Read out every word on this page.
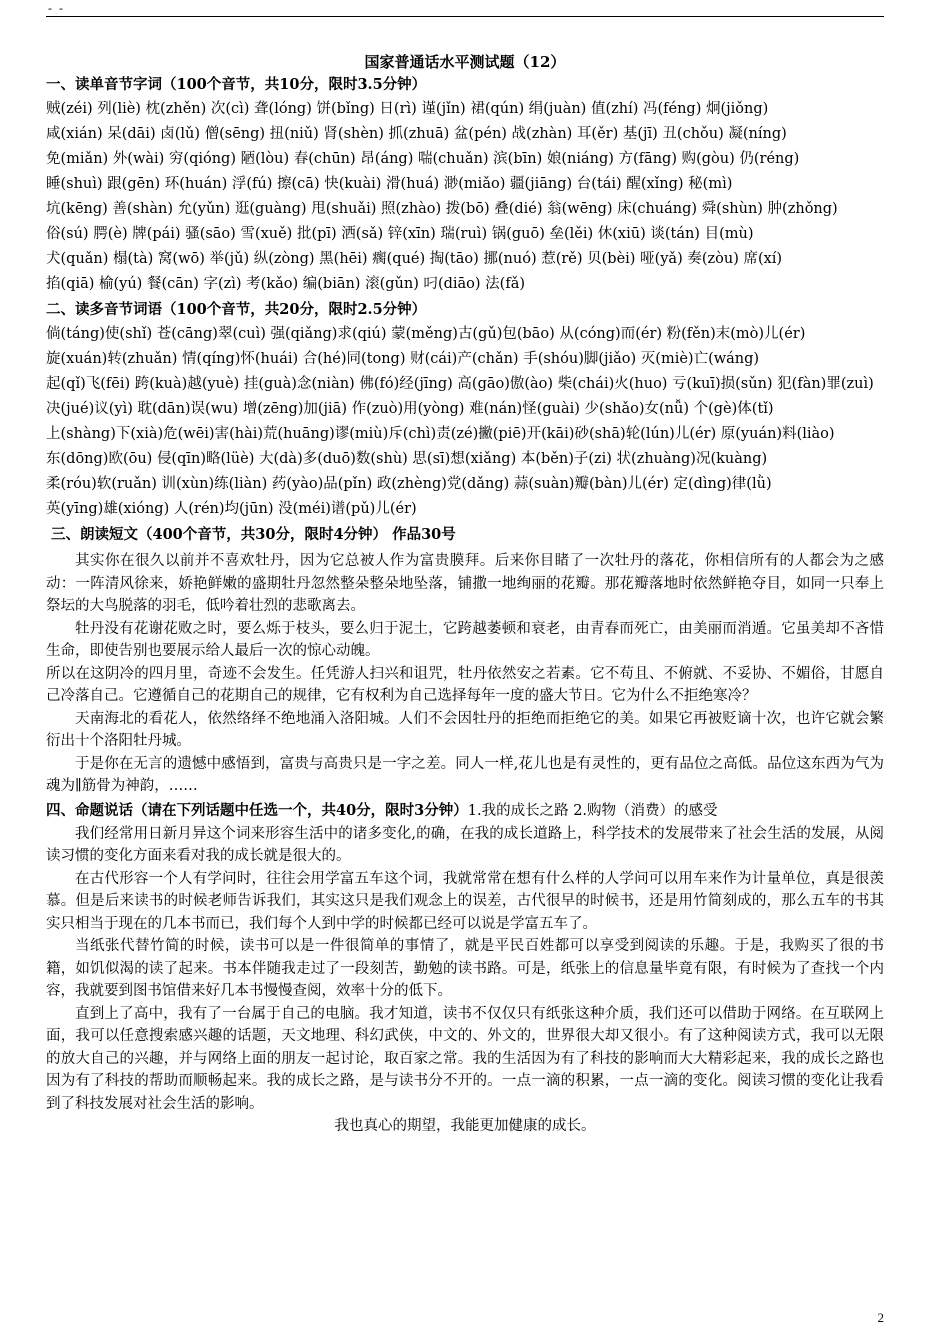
- -
国家普通话水平测试题（12）
一、读单音节字词（100个音节，共10分，限时3.5分钟）
贼(zéi) 列(liè) 枕(zhěn) 次(cì) 聋(lóng) 饼(bǐng) 日(rì) 谨(jǐn) 裙(qún) 绢(juàn) 值(zhí) 冯(féng) 炯(jiǒng)
咸(xián) 呆(dāi) 卤(lǔ) 僧(sēng) 扭(niǔ) 肾(shèn) 抓(zhuā) 盆(pén) 战(zhàn) 耳(ěr) 基(jī) 丑(chǒu) 凝(níng)
免(miǎn) 外(wài) 穷(qióng) 陋(lòu) 春(chūn) 昂(áng) 喘(chuǎn) 滨(bīn) 娘(niáng) 方(fāng) 购(gòu) 仍(réng)
睡(shuì) 跟(gēn) 环(huán) 浮(fú) 擦(cā) 快(kuài) 滑(huá) 渺(miǎo) 疆(jiāng) 台(tái) 醒(xǐng) 秘(mì)
坑(kēng) 善(shàn) 允(yǔn) 逛(guàng) 甩(shuǎi) 照(zhào) 拨(bō) 叠(dié) 翁(wēng) 床(chuáng) 舜(shùn) 肿(zhǒng)
俗(sú) 腭(è) 牌(pái) 骚(sāo) 雪(xuě) 批(pī) 洒(sǎ) 锌(xīn) 瑞(ruì) 锅(guō) 垒(lěi) 休(xiū) 谈(tán) 目(mù)
犬(quǎn) 榻(tà) 窝(wō) 举(jǔ) 纵(zòng) 黑(hēi) 瘸(qué) 掏(tāo) 挪(nuó) 惹(rě) 贝(bèi) 哑(yǎ) 奏(zòu) 席(xí)
掐(qiā) 榆(yú) 餐(cān) 字(zì) 考(kǎo) 编(biān) 滚(gǔn) 叼(diāo) 法(fǎ)
二、读多音节词语（100个音节，共20分，限时2.5分钟）
倘(táng)使(shǐ) 苍(cāng)翠(cuì) 强(qiǎng)求(qiú) 蒙(měng)古(gǔ)包(bāo) 从(cóng)而(ér) 粉(fěn)末(mò)儿(ér)
旋(xuán)转(zhuǎn) 情(qíng)怀(huái) 合(hé)同(tong) 财(cái)产(chǎn) 手(shóu)脚(jiǎo) 灭(miè)亡(wáng)
起(qǐ)飞(fēi) 跨(kuà)越(yuè) 挂(guà)念(niàn) 佛(fó)经(jīng) 高(gāo)傲(ào) 柴(chái)火(huo) 亏(kuī)损(sǔn) 犯(fàn)罪(zuì)
决(jué)议(yì) 耽(dān)误(wu) 增(zēng)加(jiā) 作(zuò)用(yòng) 难(nán)怪(guài) 少(shǎo)女(nǚ) 个(gè)体(tǐ)
上(shàng)下(xià)危(wēi)害(hài)荒(huāng)谬(miù)斥(chì)责(zé)撇(piē)开(kāi)砂(shā)轮(lún)儿(ér) 原(yuán)料(liào)
东(dōng)欧(ōu) 侵(qīn)略(lüè) 大(dà)多(duō)数(shù) 思(sī)想(xiǎng) 本(běn)子(zi) 状(zhuàng)况(kuàng)
柔(róu)软(ruǎn) 训(xùn)练(liàn) 药(yào)品(pǐn) 政(zhèng)党(dǎng) 蒜(suàn)瓣(bàn)儿(ér) 定(dìng)律(lǜ)
英(yīng)雄(xióng) 人(rén)均(jūn) 没(méi)谱(pǔ)儿(ér)
三、朗读短文（400个音节，共30分，限时4分钟） 作品30号

其实你在很久以前并不喜欢牡丹，因为它总被人作为富贵膜拜。后来你目睹了一次牡丹的落花，你相信所有的人都会为之感动：一阵清风徐来，娇艳鲜嫩的盛期牡丹忽然整朵整朵地坠落，铺撒一地绚丽的花瓣。那花瓣落地时依然鲜艳夺目，如同一只奉上祭坛的大鸟脱落的羽毛，低吟着壮烈的悲歌离去。

牡丹没有花谢花败之时，要么烁于枝头，要么归于泥土，它跨越萎顿和衰老，由青春而死亡，由美丽而消遁。它虽美却不吝惜生命，即使告别也要展示给人最后一次的惊心动魄。

所以在这阴冷的四月里，奇迹不会发生。任凭游人扫兴和诅咒，牡丹依然安之若素。它不苟且、不俯就、不妥协、不媚俗，甘愿自己冷落自己。它遵循自己的花期自己的规律，它有权利为自己选择每年一度的盛大节日。它为什么不拒绝寒冷？

天南海北的看花人，依然络绎不绝地涌入洛阳城。人们不会因牡丹的拒绝而拒绝它的美。如果它再被贬谪十次，也许它就会繁衍出十个洛阳牡丹城。

于是你在无言的遗憾中感悟到，富贵与高贵只是一字之差。同人一样,花儿也是有灵性的，更有品位之高低。品位这东西为气为魂为∥筋骨为神韵，……

四、命题说话（请在下列话题中任选一个，共40分，限时3分钟）1.我的成长之路 2.购物（消费）的感受

我们经常用日新月异这个词来形容生活中的诸多变化,的确，在我的成长道路上，科学技术的发展带来了社会生活的发展，从阅读习惯的变化方面来看对我的成长就是很大的。

在古代形容一个人有学问时，往往会用学富五车这个词，我就常常在想有什么样的人学问可以用车来作为计量单位，真是很羡慕。但是后来读书的时候老师告诉我们，其实这只是我们观念上的误差，古代很早的时候书，还是用竹简刻成的，那么五车的书其实只相当于现在的几本书而已，我们每个人到中学的时候都已经可以说是学富五车了。

当纸张代替竹简的时候，读书可以是一件很简单的事情了，就是平民百姓都可以享受到阅读的乐趣。于是，我购买了很的书籍，如饥似渴的读了起来。书本伴随我走过了一段刻苦，勤勉的读书路。可是，纸张上的信息量毕竟有限，有时候为了查找一个内容，我就要到图书馆借来好几本书慢慢查阅，效率十分的低下。

直到上了高中，我有了一台属于自己的电脑。我才知道，读书不仅仅只有纸张这种介质，我们还可以借助于网络。在互联网上面，我可以任意搜索感兴趣的话题，天文地理、科幻武侠，中文的、外文的，世界很大却又很小。有了这种阅读方式，我可以无限的放大自己的兴趣，并与网络上面的朋友一起讨论，取百家之常。我的生活因为有了科技的影响而大大精彩起来，我的成长之路也因为有了科技的帮助而顺畅起来。我的成长之路，是与读书分不开的。一点一滴的积累，一点一滴的变化。阅读习惯的变化让我看到了科技发展对社会生活的影响。

我也真心的期望，我能更加健康的成长。

2
